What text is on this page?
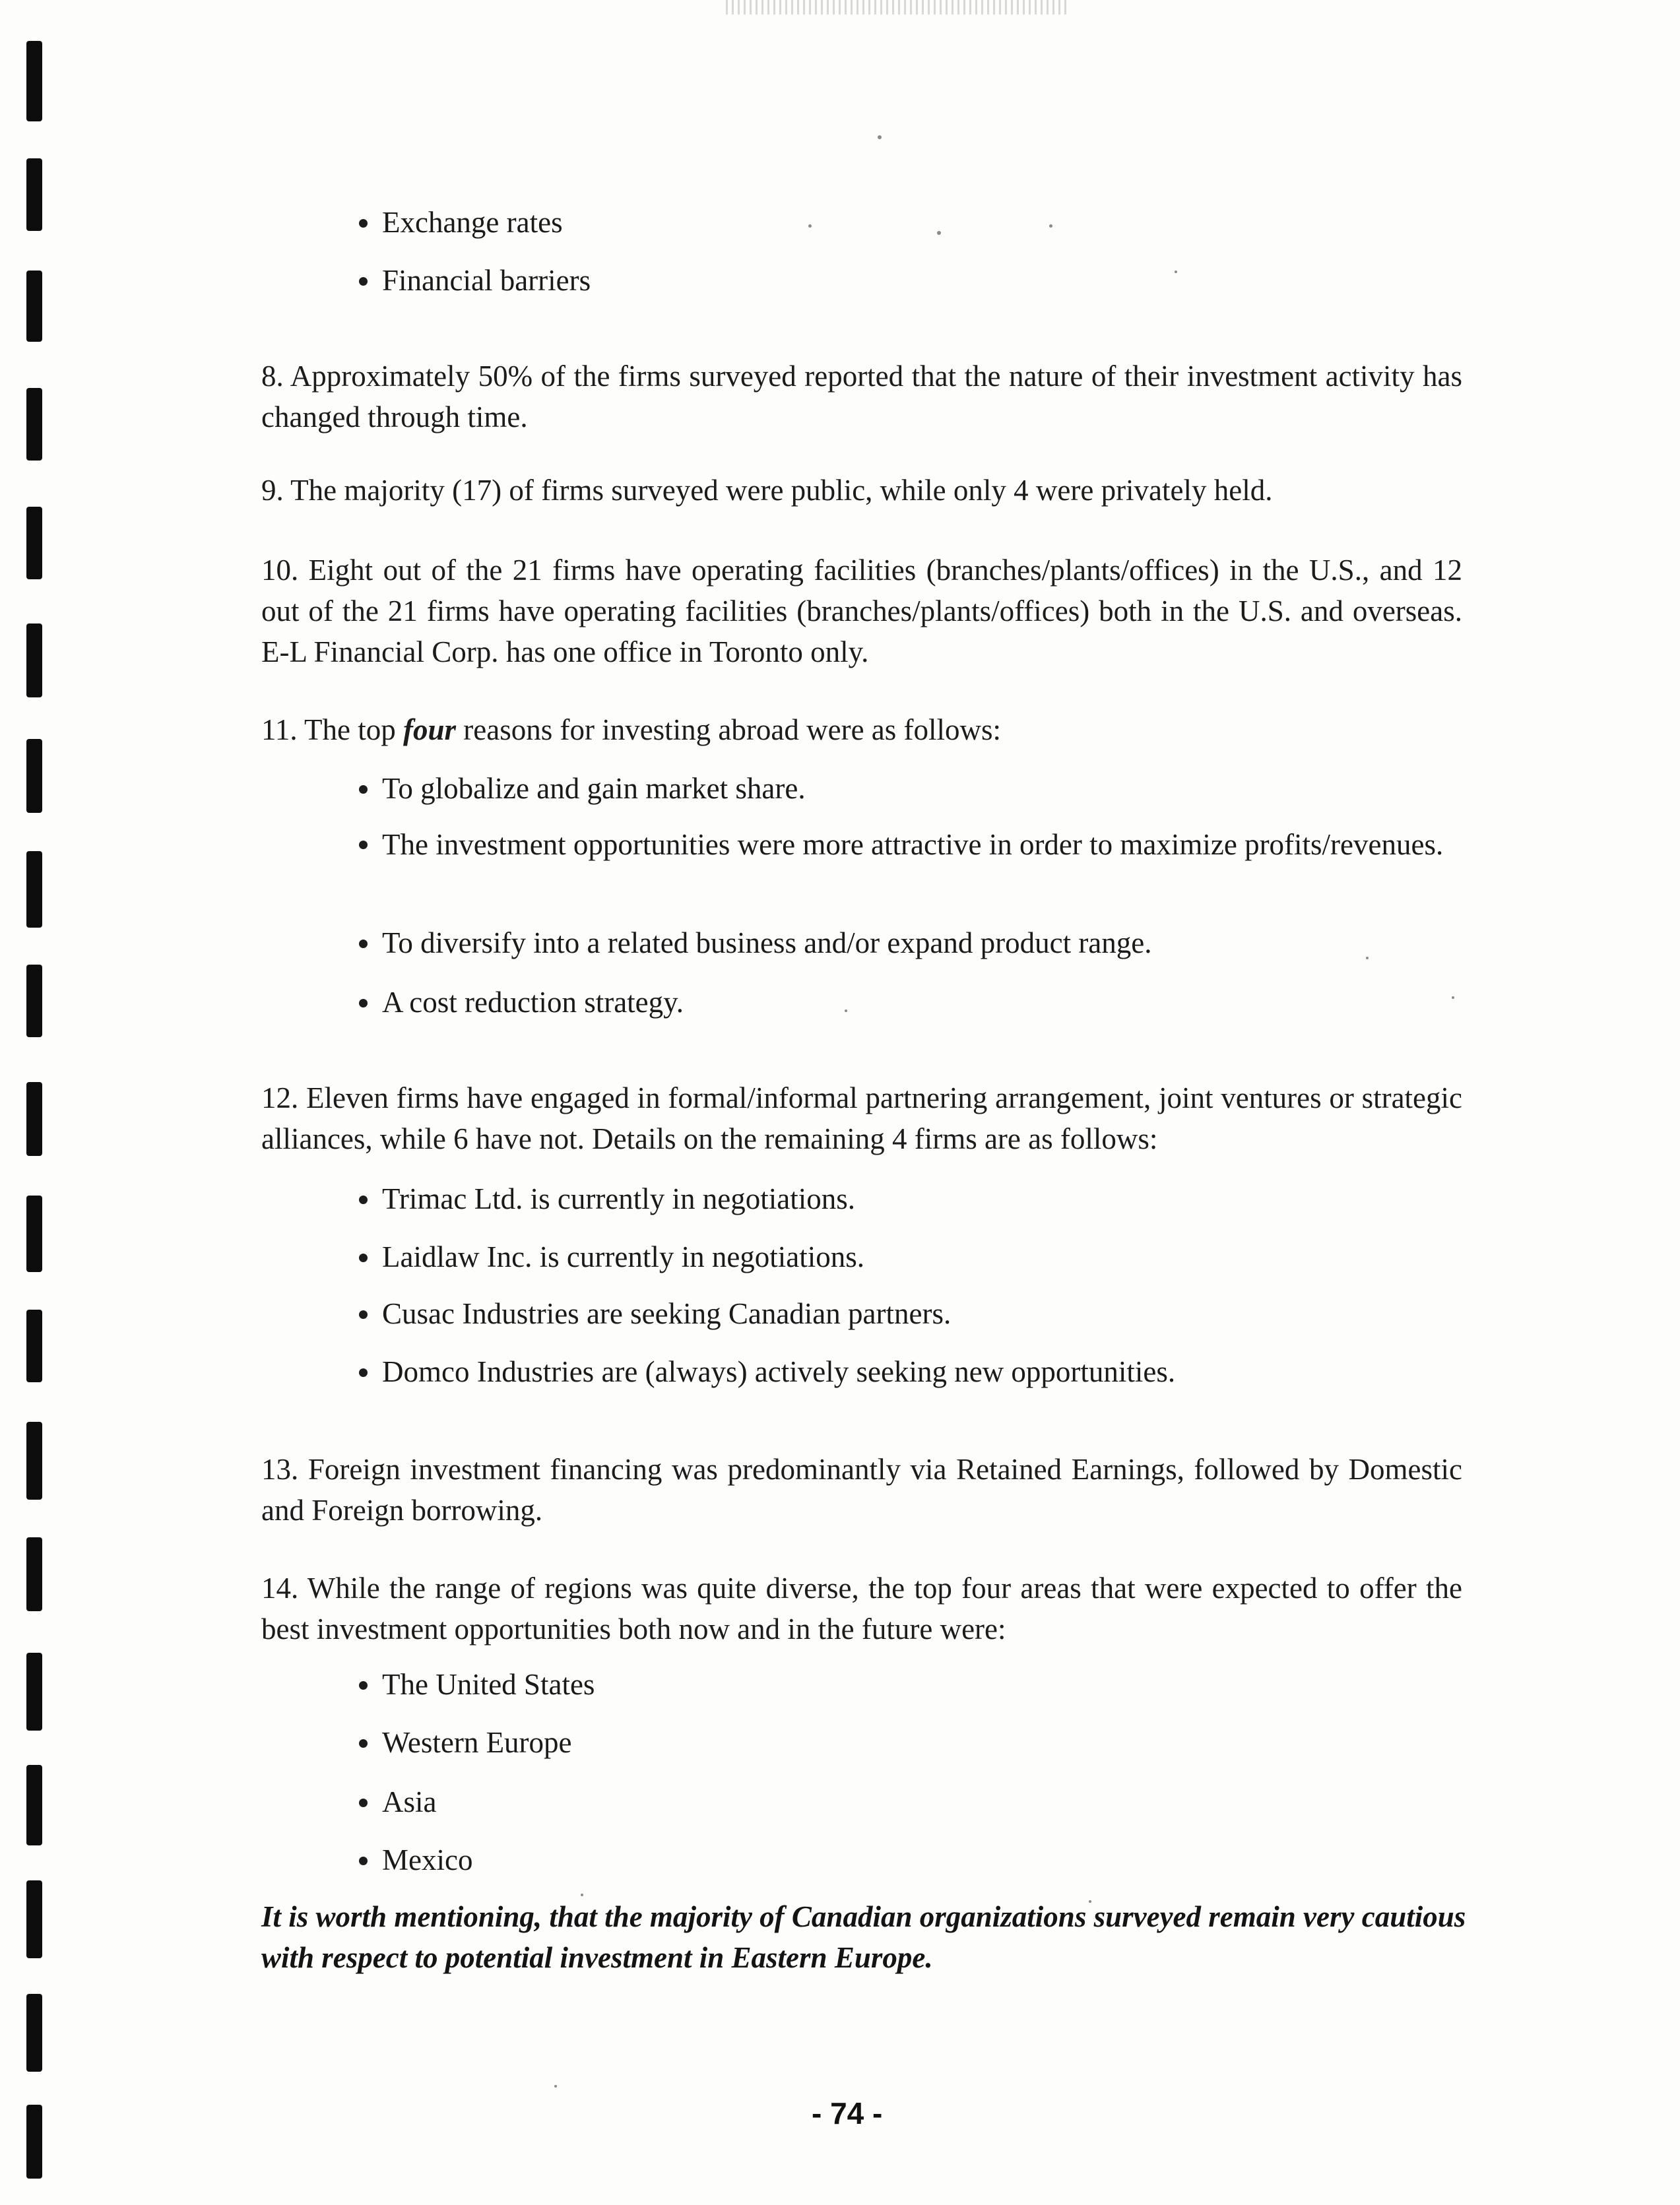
Exchange rates
Financial barriers

8. Approximately 50% of the firms surveyed reported that the nature of their investment activity has changed through time.

9. The majority (17) of firms surveyed were public, while only 4 were privately held.

10. Eight out of the 21 firms have operating facilities (branches/plants/offices) in the U.S., and 12 out of the 21 firms have operating facilities (branches/plants/offices) both in the U.S. and overseas. E-L Financial Corp. has one office in Toronto only.

11. The top four reasons for investing abroad were as follows:

To globalize and gain market share.
The investment opportunities were more attractive in order to maximize profits/revenues.
To diversify into a related business and/or expand product range.
A cost reduction strategy.

12. Eleven firms have engaged in formal/informal partnering arrangement, joint ventures or strategic alliances, while 6 have not. Details on the remaining 4 firms are as follows:

Trimac Ltd. is currently in negotiations.
Laidlaw Inc. is currently in negotiations.
Cusac Industries are seeking Canadian partners.
Domco Industries are (always) actively seeking new opportunities.

13. Foreign investment financing was predominantly via Retained Earnings, followed by Domestic and Foreign borrowing.

14. While the range of regions was quite diverse, the top four areas that were expected to offer the best investment opportunities both now and in the future were:

The United States
Western Europe
Asia
Mexico
It is worth mentioning, that the majority of Canadian organizations surveyed remain very cautious with respect to potential investment in Eastern Europe.
- 74 -
